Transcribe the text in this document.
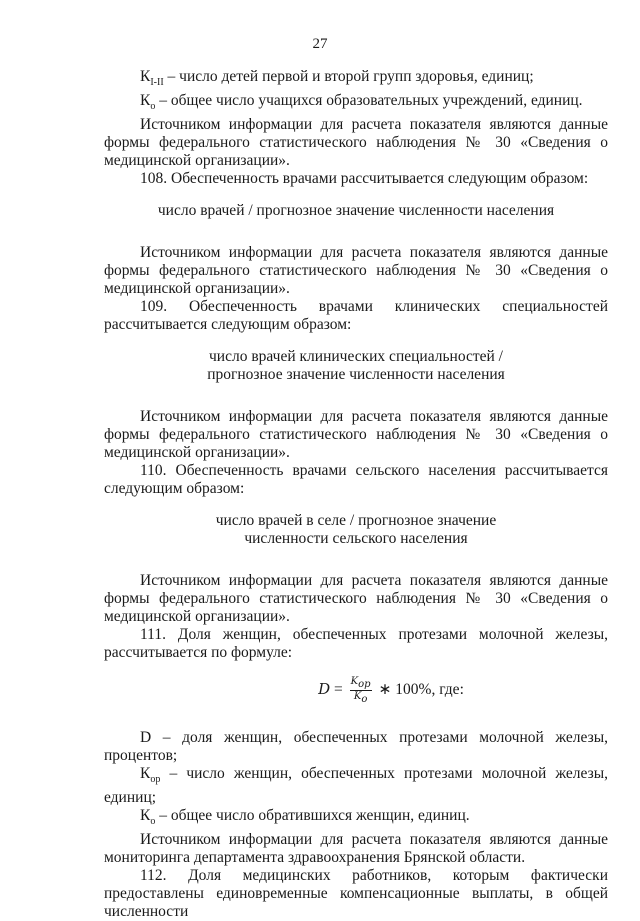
27

$К_{I-II}$ – число детей первой и второй групп здоровья, единиц;

$К_о$ – общее число учащихся образовательных учреждений, единиц.

Источником информации для расчета показателя являются данные формы федерального статистического наблюдения № 30 «Сведения о медицинской организации».

108. Обеспеченность врачами рассчитывается следующим образом:

число врачей / прогнозное значение численности населения

Источником информации для расчета показателя являются данные формы федерального статистического наблюдения № 30 «Сведения о медицинской организации».

109. Обеспеченность врачами клинических специальностей рассчитывается следующим образом:

число врачей клинических специальностей /

прогнозное значение численности населения

Источником информации для расчета показателя являются данные формы федерального статистического наблюдения № 30 «Сведения о медицинской организации».

110. Обеспеченность врачами сельского населения рассчитывается следующим образом:

число врачей в селе / прогнозное значение

численности сельского населения

Источником информации для расчета показателя являются данные формы федерального статистического наблюдения № 30 «Сведения о медицинской организации».

111. Доля женщин, обеспеченных протезами молочной железы, рассчитывается по формуле:

$D = \frac{K_{ор}}{K_о}$ ∗ 100%, где:

D – доля женщин, обеспеченных протезами молочной железы, процентов;

$К_{ор}$ – число женщин, обеспеченных протезами молочной железы, единиц;

$К_о$ – общее число обратившихся женщин, единиц.

Источником информации для расчета показателя являются данные мониторинга департамента здравоохранения Брянской области.

112. Доля медицинских работников, которым фактически предоставлены единовременные компенсационные выплаты, в общей численности
